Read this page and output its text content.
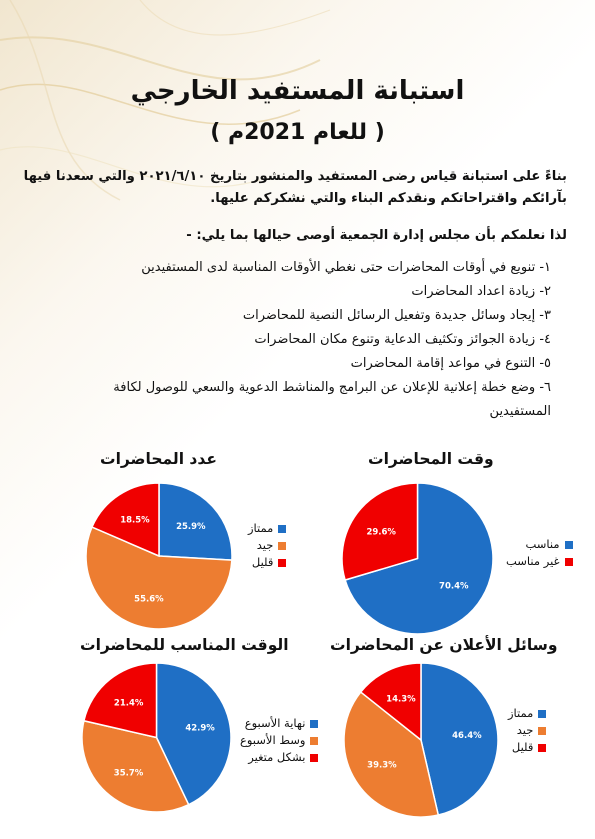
استبانة المستفيد الخارجي
( للعام 2021م )
بناءً على استبانة قياس رضى المستفيد والمنشور بتاريخ ٢٠٢١/٦/١٠ والتي سعدنا فيها بآرائكم واقتراحاتكم ونقدكم البناء والتي نشكركم عليها.
لذا نعلمكم بأن مجلس إدارة الجمعية أوصى حيالها بما يلي: -
١- تنويع في أوقات المحاضرات حتى نغطي الأوقات المناسبة لدى المستفيدين
٢- زيادة اعداد المحاضرات
٣- إيجاد وسائل جديدة وتفعيل الرسائل النصية للمحاضرات
٤- زيادة الجوائز وتكثيف الدعاية وتنوع مكان المحاضرات
٥- التنوع في مواعد إقامة المحاضرات
٦- وضع خطة إعلانية للإعلان عن البرامج والمناشط الدعوية والسعي للوصول لكافة المستفيدين
عدد المحاضرات
25.9%
55.6%
18.5%
ممتاز
جيد
قليل
وقت المحاضرات
70.4%
29.6%
مناسب
غير مناسب
الوقت المناسب للمحاضرات
42.9%
35.7%
21.4%
نهاية الأسبوع
وسط الأسبوع
بشكل متغير
وسائل الأعلان عن المحاضرات
46.4%
39.3%
14.3%
ممتاز
جيد
قليل
